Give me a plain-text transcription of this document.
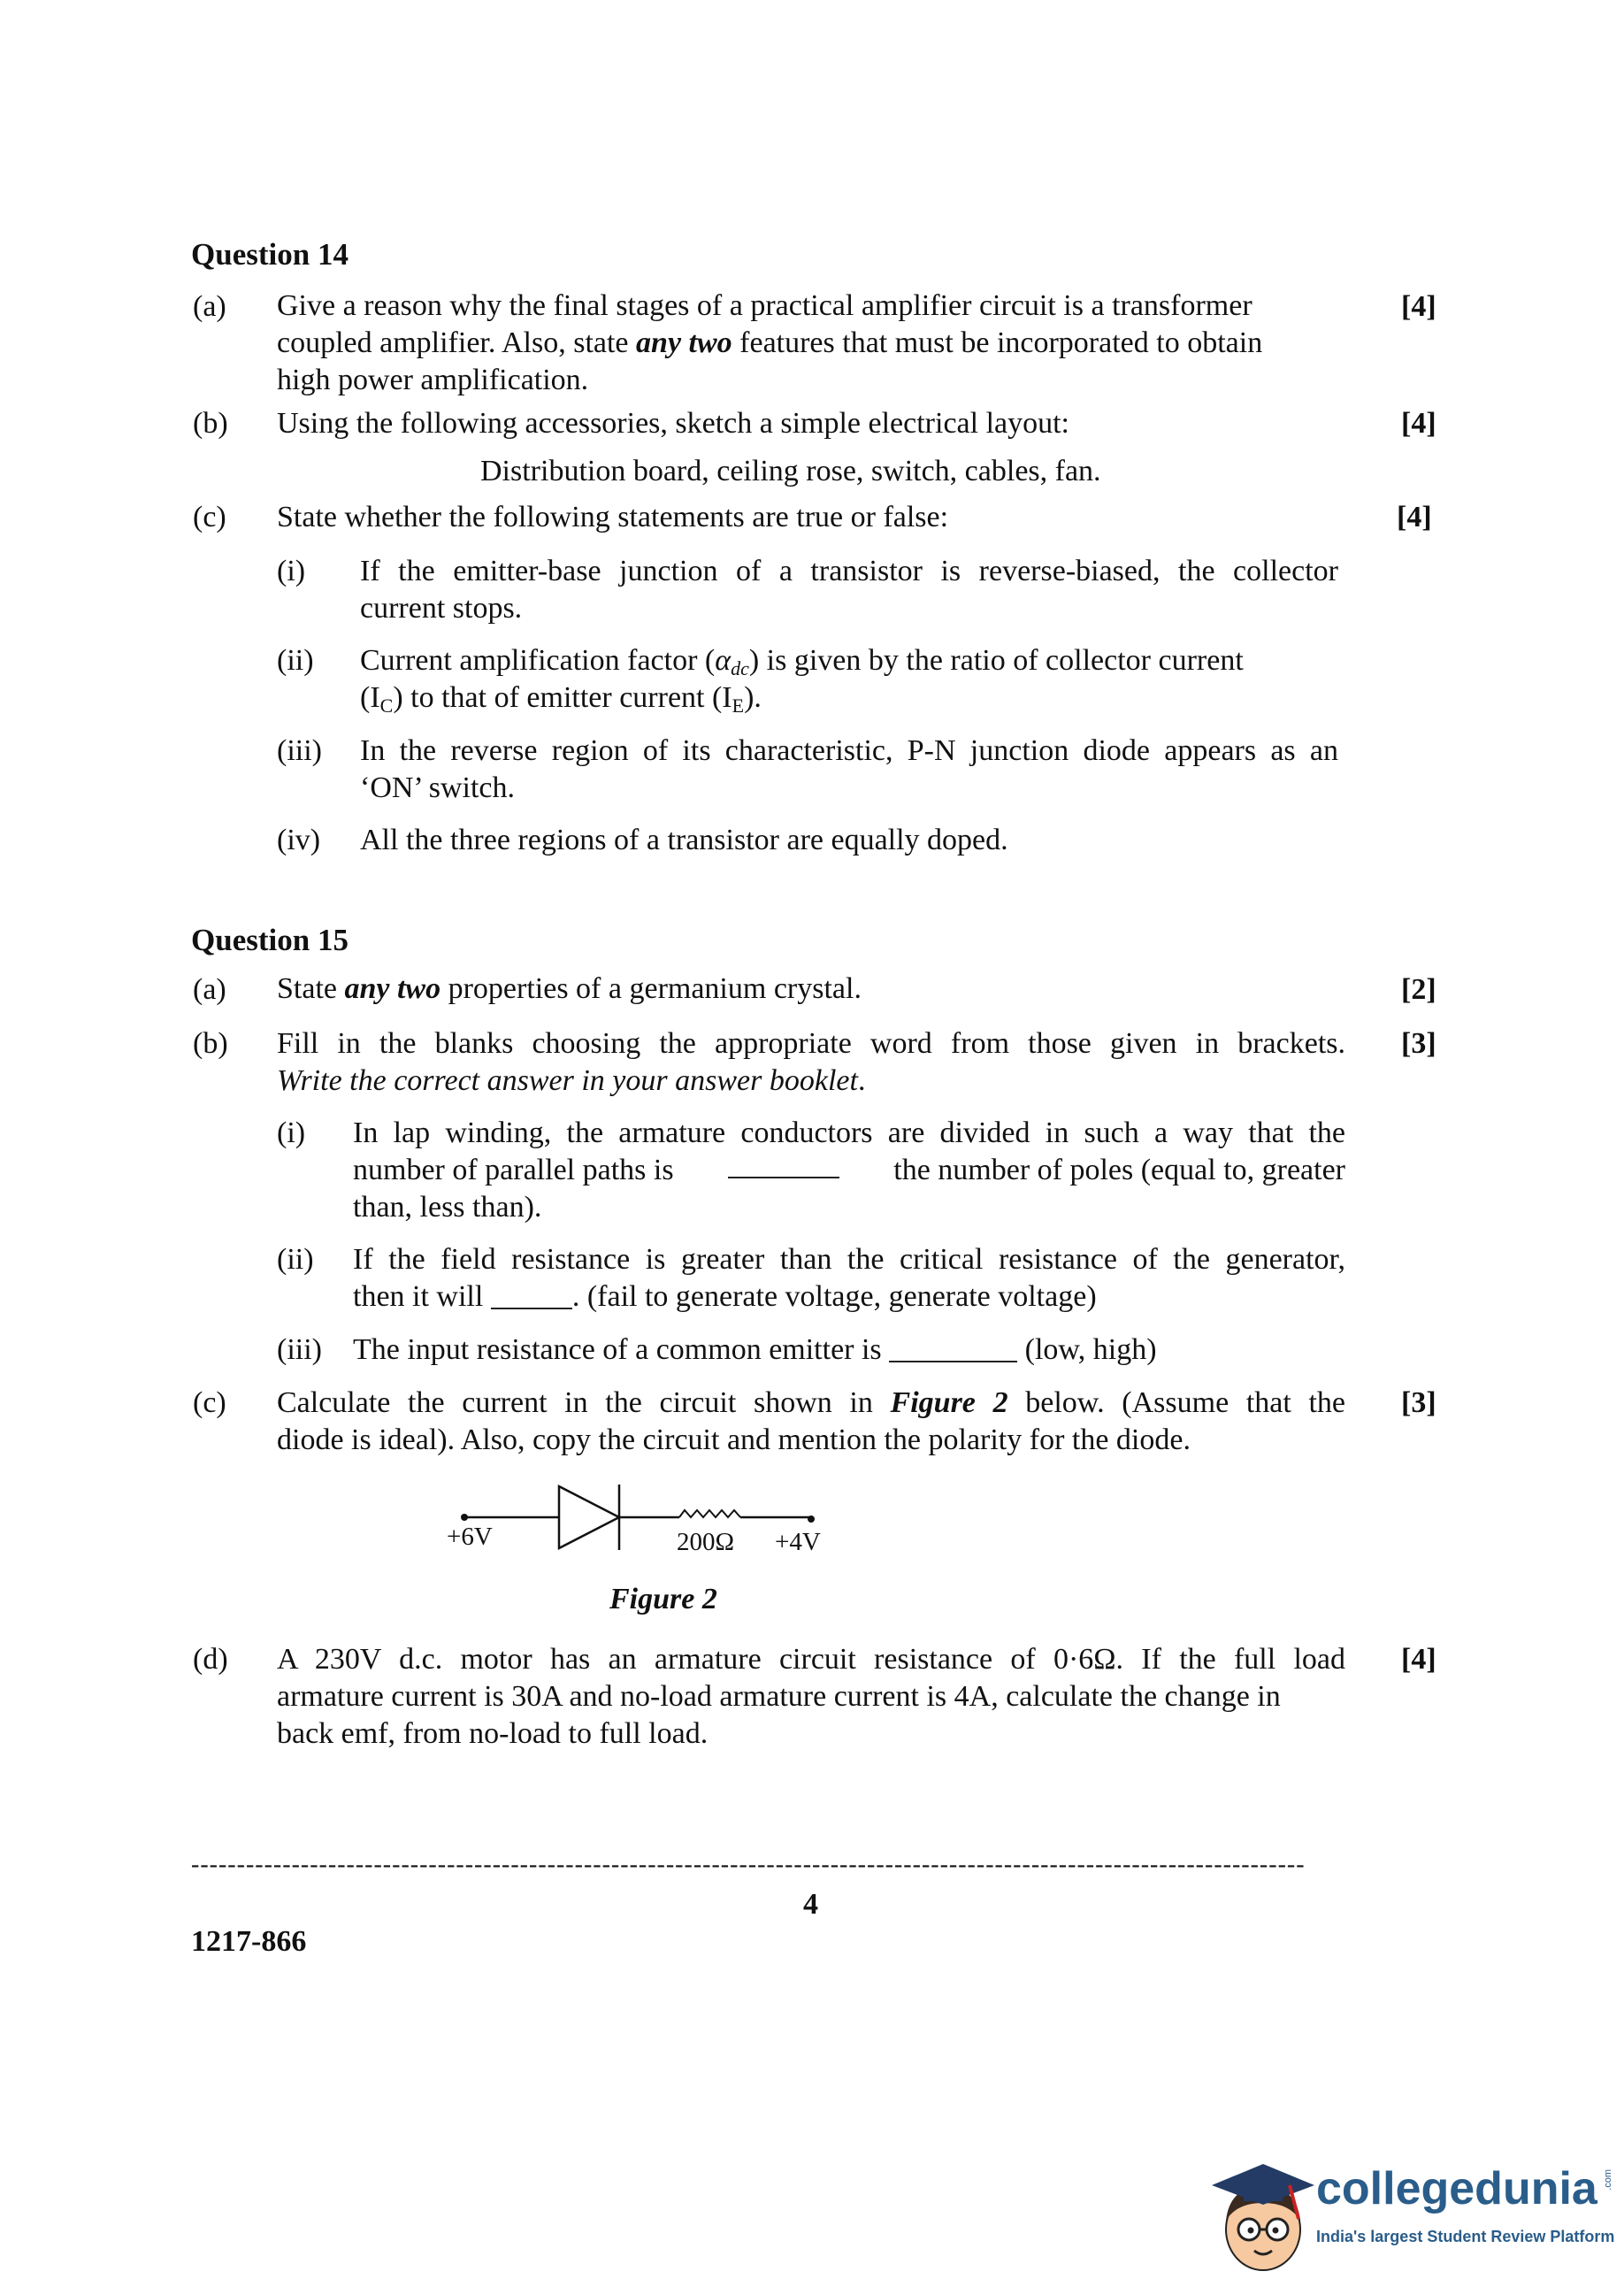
Question 14
(a) Give a reason why the final stages of a practical amplifier circuit is a transformer
coupled amplifier. Also, state any two features that must be incorporated to obtain
high power amplification.
[4]
(b) Using the following accessories, sketch a simple electrical layout:	[4]
Distribution board, ceiling rose, switch, cables, fan.
(c) State whether the following statements are true or false:	[4]
(i) If the emitter-base junction of a transistor is reverse-biased, the collector
current stops.
(ii) Current amplification factor $(\alpha_{dc})$ is given by the ratio of collector current
$(I_C)$ to that of emitter current $(I_E)$.
(iii) In the reverse region of its characteristic, P-N junction diode appears as an
‘ON’ switch.
(iv) All the three regions of a transistor are equally doped.
Question 15
(a) State any two properties of a germanium crystal.	[2]
(b) Fill in the blanks choosing the appropriate word from those given in brackets.
Write the correct answer in your answer booklet.
[3]
(i) In lap winding, the armature conductors are divided in such a way that the
number of parallel paths is	the number of poles (equal to, greater
than, less than).
(ii) If the field resistance is greater than the critical resistance of the generator,
then it will	. (fail to generate voltage, generate voltage)
(iii) The input resistance of a common emitter is	(low, high)
(c) Calculate the current in the circuit shown in Figure 2 below. (Assume that the
diode is ideal). Also, copy the circuit and mention the polarity for the diode.
[3]
+6V	200Ω +4V
Figure 2
(d) A 230V d.c. motor has an armature circuit resistance of 0·6Ω. If the full load
armature current is 30A and no-load armature current is 4A, calculate the change in
back emf, from no-load to full load.
[4]
--------------------------------------------------------------------------------------------------------------------------
4
1217-866
collegedunia .com
India's largest Student Review Platform
